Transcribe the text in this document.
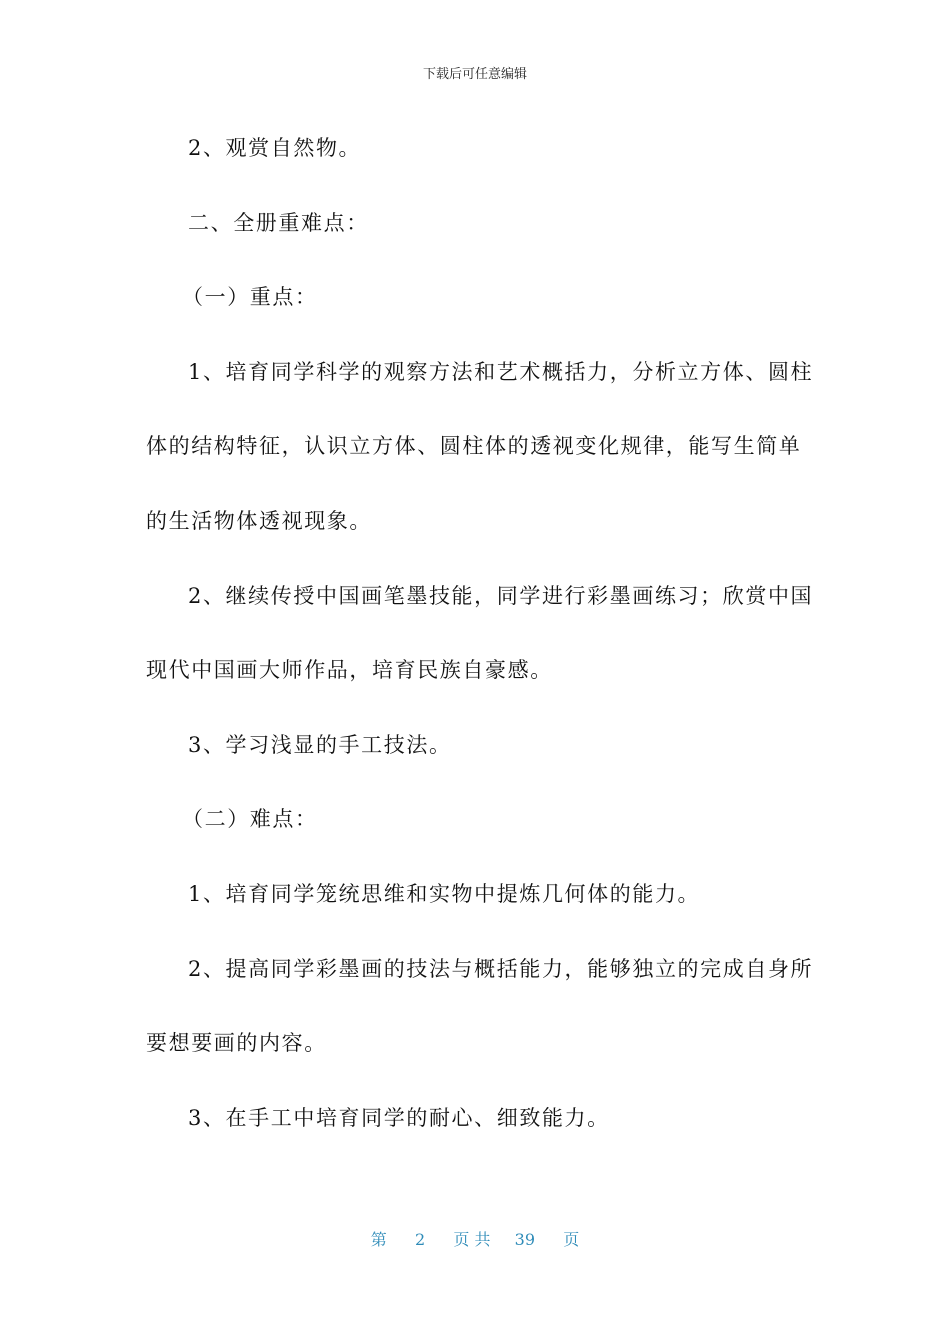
下载后可任意编辑
2、观赏自然物。
二、全册重难点：
（一）重点：
1、培育同学科学的观察方法和艺术概括力，分析立方体、圆柱
体的结构特征，认识立方体、圆柱体的透视变化规律，能写生简单
的生活物体透视现象。
2、继续传授中国画笔墨技能，同学进行彩墨画练习；欣赏中国
现代中国画大师作品，培育民族自豪感。
3、学习浅显的手工技法。
（二）难点：
1、培育同学笼统思维和实物中提炼几何体的能力。
2、提高同学彩墨画的技法与概括能力，能够独立的完成自身所
要想要画的内容。
3、在手工中培育同学的耐心、细致能力。
第 2 页 共 39 页
